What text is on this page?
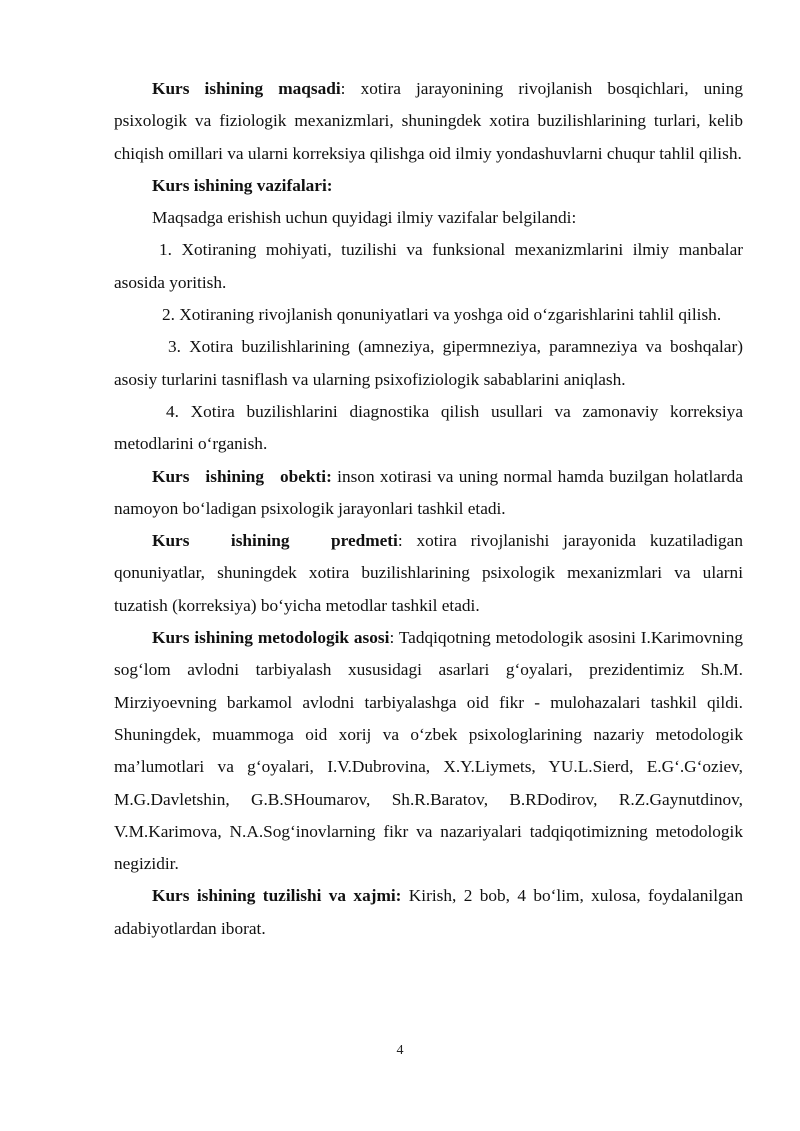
Kurs ishining maqsadi: xotira jarayonining rivojlanish bosqichlari, uning psixologik va fiziologik mexanizmlari, shuningdek xotira buzilishlarining turlari, kelib chiqish omillari va ularni korreksiya qilishga oid ilmiy yondashuvlarni chuqur tahlil qilish.

Kurs ishining vazifalari:

Maqsadga erishish uchun quyidagi ilmiy vazifalar belgilandi:

1. Xotiraning mohiyati, tuzilishi va funksional mexanizmlarini ilmiy manbalar asosida yoritish.

2. Xotiraning rivojlanish qonuniyatlari va yoshga oid o‘zgarishlarini tahlil qilish.

3. Xotira buzilishlarining (amneziya, gipermneziya, paramneziya va boshqalar) asosiy turlarini tasniflash va ularning psixofiziologik sabablarini aniqlash.

4. Xotira buzilishlarini diagnostika qilish usullari va zamonaviy korreksiya metodlarini o‘rganish.

Kurs   ishining   obekti: inson xotirasi va uning normal hamda buzilgan holatlarda namoyon bo‘ladigan psixologik jarayonlari tashkil etadi.

Kurs   ishining   predmeti: xotira rivojlanishi jarayonida kuzatiladigan qonuniyatlar, shuningdek xotira buzilishlarining psixologik mexanizmlari va ularni tuzatish (korreksiya) bo‘yicha metodlar tashkil etadi.

Kurs ishining metodologik asosi: Tadqiqotning metodologik asosini I.Karimovning sog‘lom avlodni tarbiyalash xususidagi asarlari g‘oyalari, prezidentimiz Sh.M. Mirziyoevning barkamol avlodni tarbiyalashga oid fikr - mulohazalari tashkil qildi. Shuningdek, muammoga oid xorij va o‘zbek psixologlarining nazariy metodologik ma’lumotlari va g‘oyalari, I.V.Dubrovina, X.Y.Liymets, YU.L.Sierd, E.G‘.G‘oziev, M.G.Davletshin, G.B.SHoumarov, Sh.R.Baratov, B.RDodirov, R.Z.Gaynutdinov, V.M.Karimova, N.A.Sog‘inovlarning fikr va nazariyalari tadqiqotimizning metodologik negizidir.

Kurs ishining tuzilishi va xajmi: Kirish, 2 bob, 4 bo‘lim, xulosa, foydalanilgan adabiyotlardan iborat.

4
